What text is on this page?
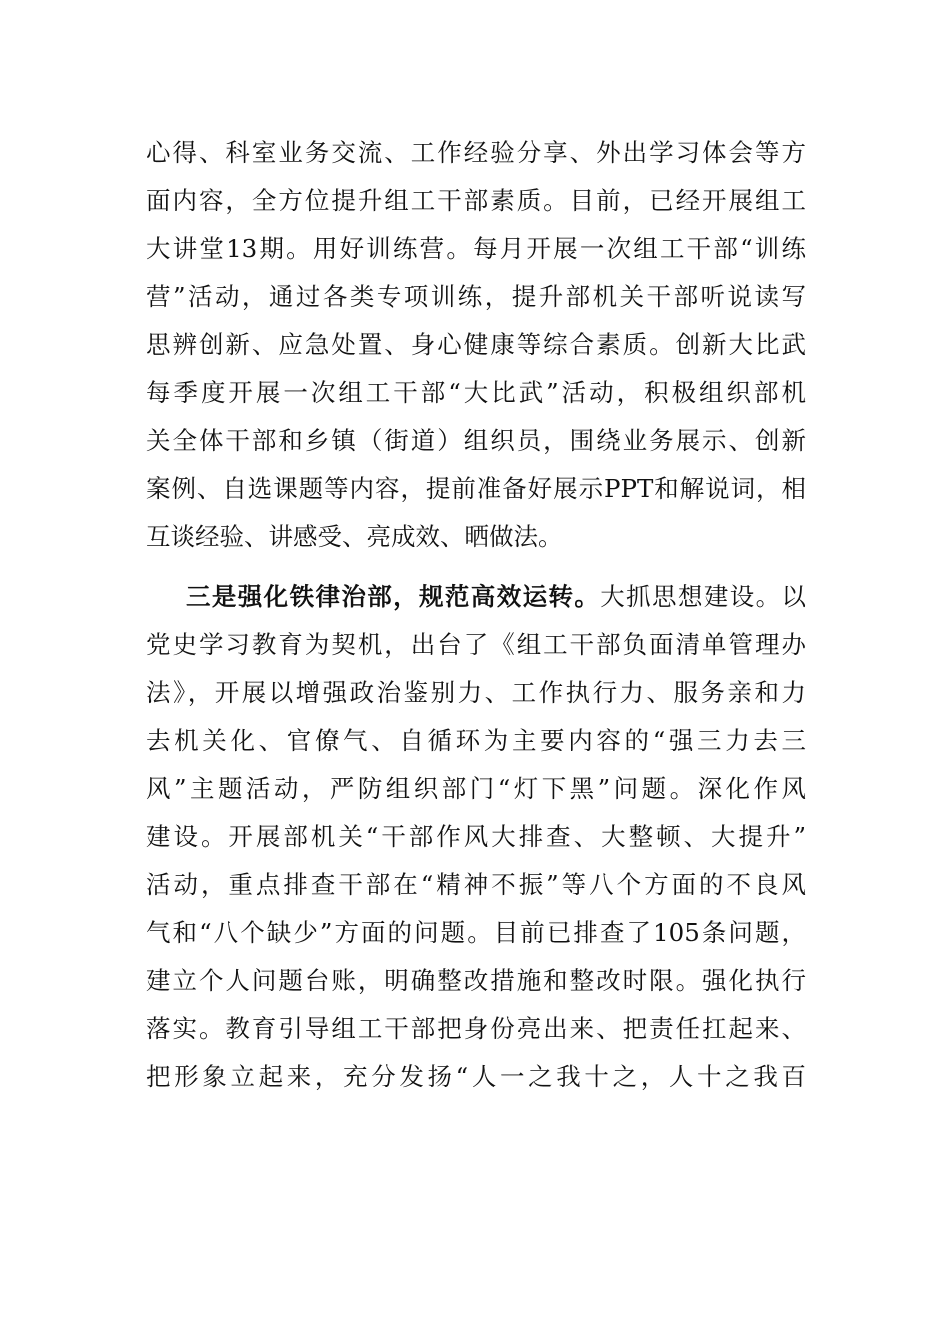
心得、科室业务交流、工作经验分享、外出学习体会等方
面内容，全方位提升组工干部素质。目前，已经开展组工
大讲堂13期。用好训练营。每月开展一次组工干部“训练
营”活动，通过各类专项训练，提升部机关干部听说读写
思辨创新、应急处置、身心健康等综合素质。创新大比武
每季度开展一次组工干部“大比武”活动，积极组织部机
关全体干部和乡镇（街道）组织员，围绕业务展示、创新
案例、自选课题等内容，提前准备好展示PPT和解说词，相
互谈经验、讲感受、亮成效、晒做法。
三是强化铁律治部，规范高效运转。大抓思想建设。以
党史学习教育为契机，出台了《组工干部负面清单管理办
法》，开展以增强政治鉴别力、工作执行力、服务亲和力
去机关化、官僚气、自循环为主要内容的“强三力去三
风”主题活动，严防组织部门“灯下黑”问题。深化作风
建设。开展部机关“干部作风大排查、大整顿、大提升”
活动，重点排查干部在“精神不振”等八个方面的不良风
气和“八个缺少”方面的问题。目前已排查了105条问题，
建立个人问题台账，明确整改措施和整改时限。强化执行
落实。教育引导组工干部把身份亮出来、把责任扛起来、
把形象立起来，充分发扬“人一之我十之，人十之我百
